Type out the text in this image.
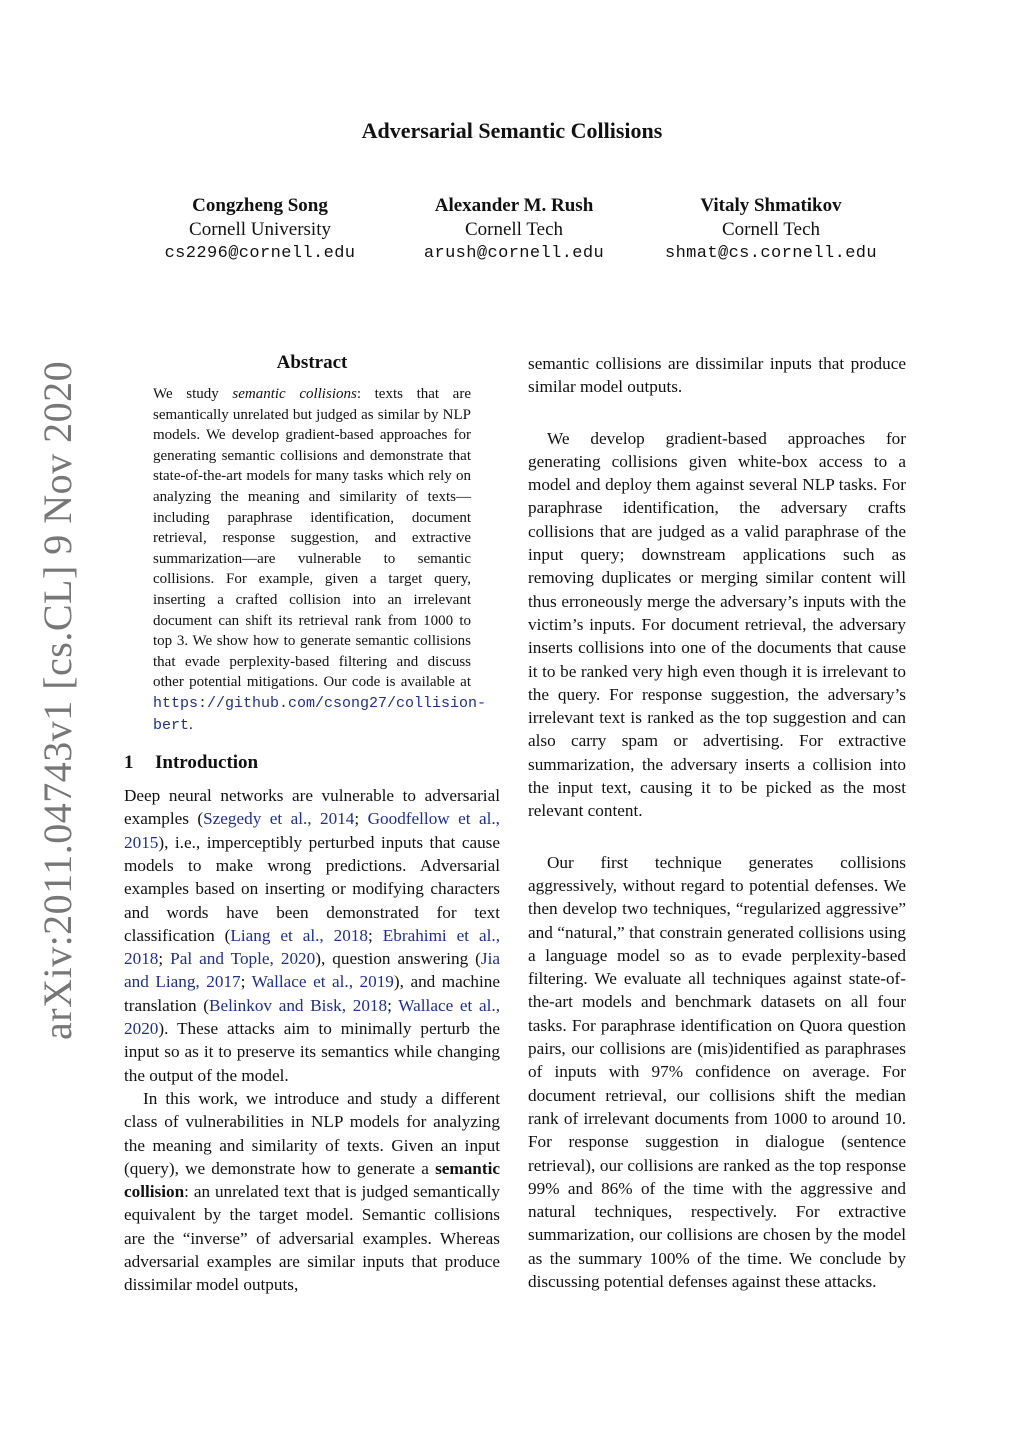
arXiv:2011.04743v1 [cs.CL] 9 Nov 2020
Adversarial Semantic Collisions
Congzheng Song
Cornell University
cs2296@cornell.edu
Alexander M. Rush
Cornell Tech
arush@cornell.edu
Vitaly Shmatikov
Cornell Tech
shmat@cs.cornell.edu
Abstract
We study semantic collisions: texts that are semantically unrelated but judged as similar by NLP models. We develop gradient-based approaches for generating semantic collisions and demonstrate that state-of-the-art models for many tasks which rely on analyzing the meaning and similarity of texts—including paraphrase identification, document retrieval, response suggestion, and extractive summarization—are vulnerable to semantic collisions. For example, given a target query, inserting a crafted collision into an irrelevant document can shift its retrieval rank from 1000 to top 3. We show how to generate semantic collisions that evade perplexity-based filtering and discuss other potential mitigations. Our code is available at https://github.com/csong27/collision-bert.
1 Introduction

Deep neural networks are vulnerable to adversarial examples (Szegedy et al., 2014; Goodfellow et al., 2015), i.e., imperceptibly perturbed inputs that cause models to make wrong predictions. Adversarial examples based on inserting or modifying characters and words have been demonstrated for text classification (Liang et al., 2018; Ebrahimi et al., 2018; Pal and Tople, 2020), question answering (Jia and Liang, 2017; Wallace et al., 2019), and machine translation (Belinkov and Bisk, 2018; Wallace et al., 2020). These attacks aim to minimally perturb the input so as it to preserve its semantics while changing the output of the model.

In this work, we introduce and study a different class of vulnerabilities in NLP models for analyzing the meaning and similarity of texts. Given an input (query), we demonstrate how to generate a semantic collision: an unrelated text that is judged semantically equivalent by the target model. Semantic collisions are the “inverse” of adversarial examples. Whereas adversarial examples are similar inputs that produce dissimilar model outputs,

semantic collisions are dissimilar inputs that produce similar model outputs.

We develop gradient-based approaches for generating collisions given white-box access to a model and deploy them against several NLP tasks. For paraphrase identification, the adversary crafts collisions that are judged as a valid paraphrase of the input query; downstream applications such as removing duplicates or merging similar content will thus erroneously merge the adversary’s inputs with the victim’s inputs. For document retrieval, the adversary inserts collisions into one of the documents that cause it to be ranked very high even though it is irrelevant to the query. For response suggestion, the adversary’s irrelevant text is ranked as the top suggestion and can also carry spam or advertising. For extractive summarization, the adversary inserts a collision into the input text, causing it to be picked as the most relevant content.

Our first technique generates collisions aggressively, without regard to potential defenses. We then develop two techniques, “regularized aggressive” and “natural,” that constrain generated collisions using a language model so as to evade perplexity-based filtering. We evaluate all techniques against state-of-the-art models and benchmark datasets on all four tasks. For paraphrase identification on Quora question pairs, our collisions are (mis)identified as paraphrases of inputs with 97% confidence on average. For document retrieval, our collisions shift the median rank of irrelevant documents from 1000 to around 10. For response suggestion in dialogue (sentence retrieval), our collisions are ranked as the top response 99% and 86% of the time with the aggressive and natural techniques, respectively. For extractive summarization, our collisions are chosen by the model as the summary 100% of the time. We conclude by discussing potential defenses against these attacks.
